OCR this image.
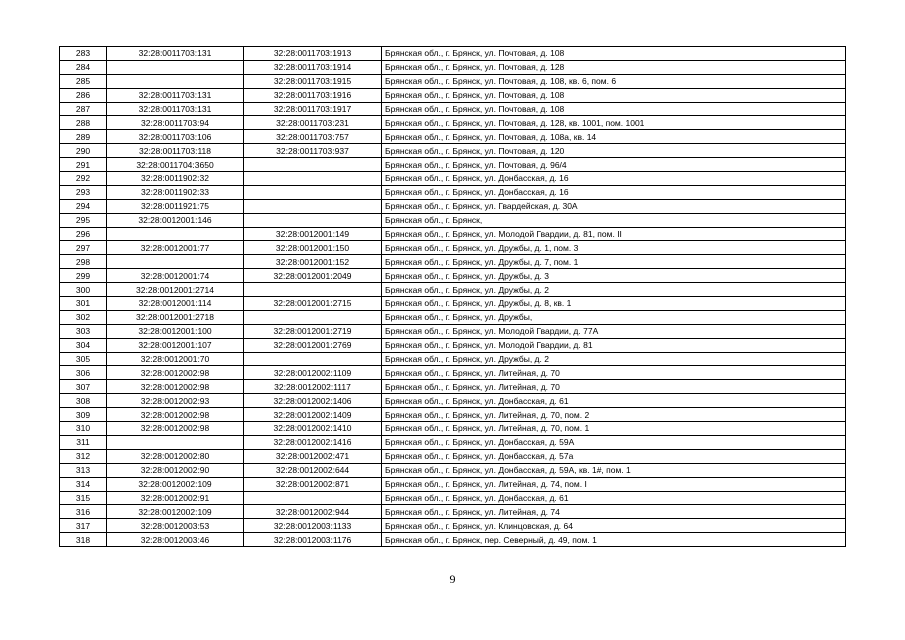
283	32:28:0011703:131	32:28:0011703:1913	Брянская обл., г. Брянск, ул. Почтовая, д. 108
284		32:28:0011703:1914	Брянская обл., г. Брянск, ул. Почтовая, д. 128
285		32:28:0011703:1915	Брянская обл., г. Брянск, ул. Почтовая, д. 108, кв. 6, пом. 6
286	32:28:0011703:131	32:28:0011703:1916	Брянская обл., г. Брянск, ул. Почтовая, д. 108
287	32:28:0011703:131	32:28:0011703:1917	Брянская обл., г. Брянск, ул. Почтовая, д. 108
288	32:28:0011703:94	32:28:0011703:231	Брянская обл., г. Брянск, ул. Почтовая, д. 128, кв. 1001, пом. 1001
289	32:28:0011703:106	32:28:0011703:757	Брянская обл., г. Брянск, ул. Почтовая, д. 108а, кв. 14
290	32:28:0011703:118	32:28:0011703:937	Брянская обл., г. Брянск, ул. Почтовая, д. 120
291	32:28:0011704:3650		Брянская обл., г. Брянск, ул. Почтовая, д. 96/4
292	32:28:0011902:32		Брянская обл., г. Брянск, ул. Донбасская, д. 16
293	32:28:0011902:33		Брянская обл., г. Брянск, ул. Донбасская, д. 16
294	32:28:0011921:75		Брянская обл., г. Брянск, ул. Гвардейская, д. 30А
295	32:28:0012001:146		Брянская обл., г. Брянск,
296		32:28:0012001:149	Брянская обл., г. Брянск, ул. Молодой Гвардии, д. 81, пом. II
297	32:28:0012001:77	32:28:0012001:150	Брянская обл., г. Брянск, ул. Дружбы, д. 1, пом. 3
298		32:28:0012001:152	Брянская обл., г. Брянск, ул. Дружбы, д. 7, пом. 1
299	32:28:0012001:74	32:28:0012001:2049	Брянская обл., г. Брянск, ул. Дружбы, д. 3
300	32:28:0012001:2714		Брянская обл., г. Брянск, ул. Дружбы, д. 2
301	32:28:0012001:114	32:28:0012001:2715	Брянская обл., г. Брянск, ул. Дружбы, д. 8, кв. 1
302	32:28:0012001:2718		Брянская обл., г. Брянск, ул. Дружбы,
303	32:28:0012001:100	32:28:0012001:2719	Брянская обл., г. Брянск, ул. Молодой Гвардии, д. 77А
304	32:28:0012001:107	32:28:0012001:2769	Брянская обл., г. Брянск, ул. Молодой Гвардии, д. 81
305	32:28:0012001:70		Брянская обл., г. Брянск, ул. Дружбы, д. 2
306	32:28:0012002:98	32:28:0012002:1109	Брянская обл., г. Брянск, ул. Литейная, д. 70
307	32:28:0012002:98	32:28:0012002:1117	Брянская обл., г. Брянск, ул. Литейная, д. 70
308	32:28:0012002:93	32:28:0012002:1406	Брянская обл., г. Брянск, ул. Донбасская, д. 61
309	32:28:0012002:98	32:28:0012002:1409	Брянская обл., г. Брянск, ул. Литейная, д. 70, пом. 2
310	32:28:0012002:98	32:28:0012002:1410	Брянская обл., г. Брянск, ул. Литейная, д. 70, пом. 1
311		32:28:0012002:1416	Брянская обл., г. Брянск, ул. Донбасская, д. 59А
312	32:28:0012002:80	32:28:0012002:471	Брянская обл., г. Брянск, ул. Донбасская, д. 57а
313	32:28:0012002:90	32:28:0012002:644	Брянская обл., г. Брянск, ул. Донбасская, д. 59А, кв. 1#, пом. 1
314	32:28:0012002:109	32:28:0012002:871	Брянская обл., г. Брянск, ул. Литейная, д. 74, пом. I
315	32:28:0012002:91		Брянская обл., г. Брянск, ул. Донбасская, д. 61
316	32:28:0012002:109	32:28:0012002:944	Брянская обл., г. Брянск, ул. Литейная, д. 74
317	32:28:0012003:53	32:28:0012003:1133	Брянская обл., г. Брянск, ул. Клинцовская, д. 64
318	32:28:0012003:46	32:28:0012003:1176	Брянская обл., г. Брянск, пер. Северный, д. 49, пом. 1
9
